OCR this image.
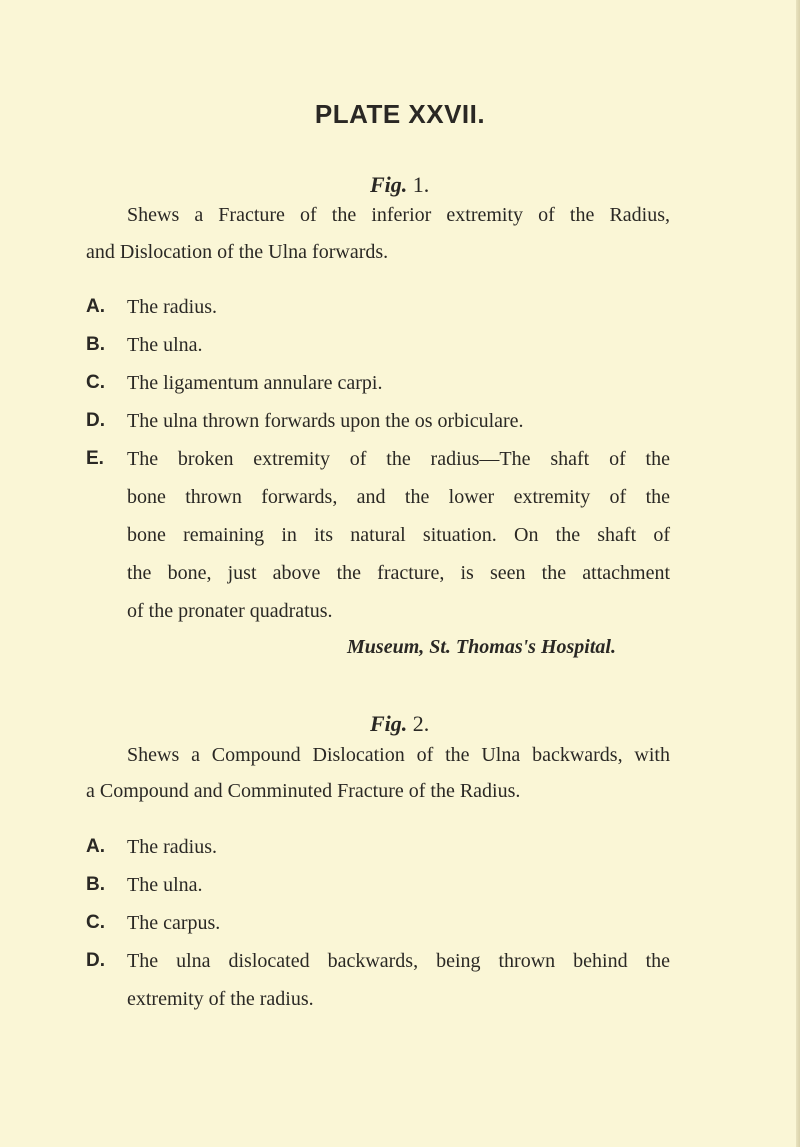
PLATE XXVII.
Fig. 1.
Shews a Fracture of the inferior extremity of the Radius,
and Dislocation of the Ulna forwards.
A. The radius.
B. The ulna.
C. The ligamentum annulare carpi.
D. The ulna thrown forwards upon the os orbiculare.
E. The broken extremity of the radius—The shaft of the
bone thrown forwards, and the lower extremity of the
bone remaining in its natural situation. On the shaft of
the bone, just above the fracture, is seen the attachment
of the pronater quadratus.
Museum, St. Thomas's Hospital.
Fig. 2.
Shews a Compound Dislocation of the Ulna backwards, with
a Compound and Comminuted Fracture of the Radius.
A. The radius.
B. The ulna.
C. The carpus.
D. The ulna dislocated backwards, being thrown behind the
extremity of the radius.
